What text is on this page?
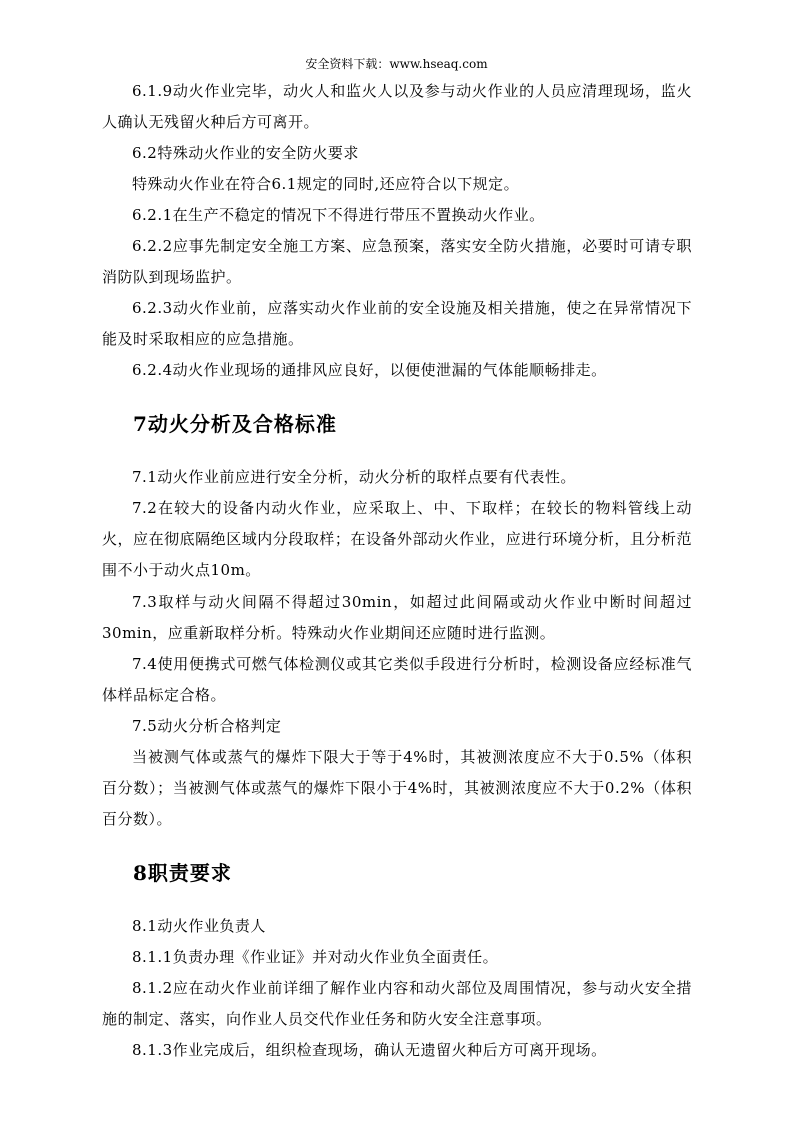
安全资料下载：www.hseaq.com
6.1.9动火作业完毕，动火人和监火人以及参与动火作业的人员应清理现场，监火人确认无残留火种后方可离开。
6.2特殊动火作业的安全防火要求
特殊动火作业在符合6.1规定的同时,还应符合以下规定。
6.2.1在生产不稳定的情况下不得进行带压不置换动火作业。
6.2.2应事先制定安全施工方案、应急预案，落实安全防火措施，必要时可请专职消防队到现场监护。
6.2.3动火作业前，应落实动火作业前的安全设施及相关措施，使之在异常情况下能及时采取相应的应急措施。
6.2.4动火作业现场的通排风应良好，以便使泄漏的气体能顺畅排走。
7动火分析及合格标准
7.1动火作业前应进行安全分析，动火分析的取样点要有代表性。
7.2在较大的设备内动火作业，应采取上、中、下取样；在较长的物料管线上动火，应在彻底隔绝区域内分段取样；在设备外部动火作业，应进行环境分析，且分析范围不小于动火点10m。
7.3取样与动火间隔不得超过30min，如超过此间隔或动火作业中断时间超过30min，应重新取样分析。特殊动火作业期间还应随时进行监测。
7.4使用便携式可燃气体检测仪或其它类似手段进行分析时，检测设备应经标准气体样品标定合格。
7.5动火分析合格判定
当被测气体或蒸气的爆炸下限大于等于4%时，其被测浓度应不大于0.5%（体积百分数）；当被测气体或蒸气的爆炸下限小于4%时，其被测浓度应不大于0.2%（体积百分数）。
8职责要求
8.1动火作业负责人
8.1.1负责办理《作业证》并对动火作业负全面责任。
8.1.2应在动火作业前详细了解作业内容和动火部位及周围情况，参与动火安全措施的制定、落实，向作业人员交代作业任务和防火安全注意事项。
8.1.3作业完成后，组织检查现场，确认无遗留火种后方可离开现场。
